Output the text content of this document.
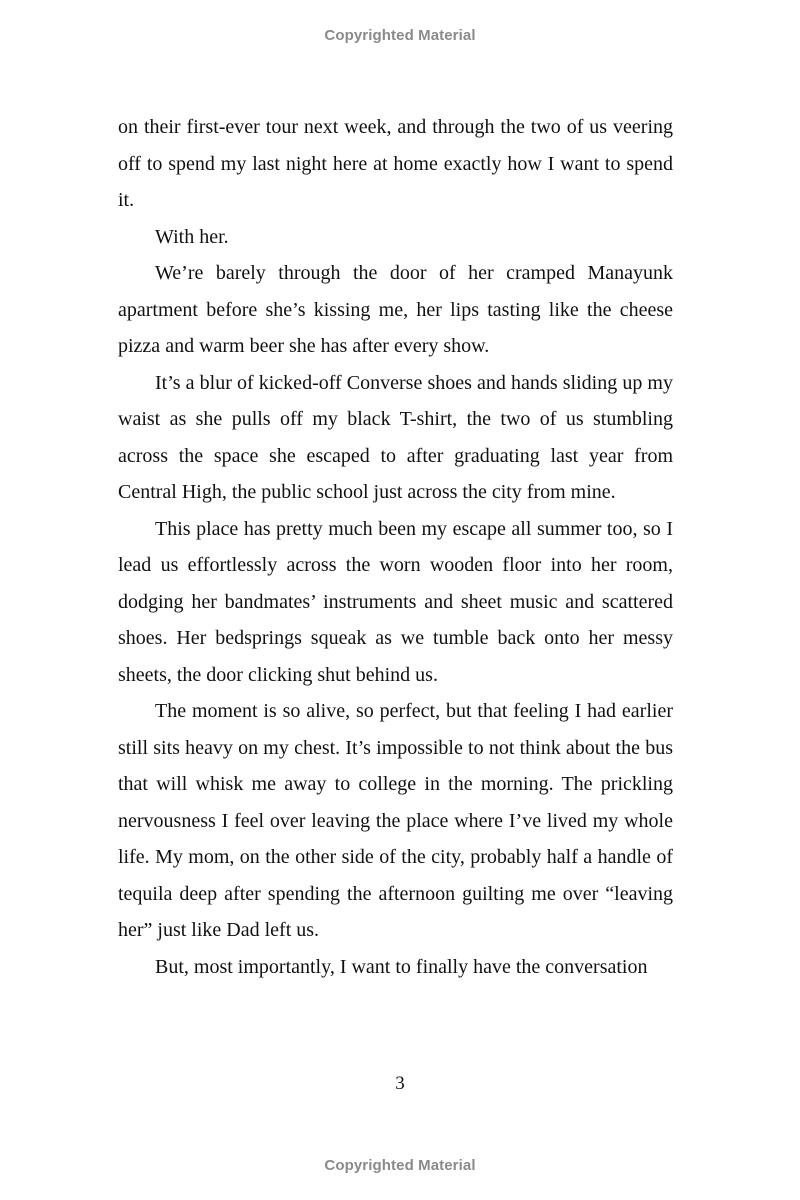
Copyrighted Material

on their first-ever tour next week, and through the two of us veering off to spend my last night here at home exactly how I want to spend it.

With her.

We’re barely through the door of her cramped Manayunk apartment before she’s kissing me, her lips tasting like the cheese pizza and warm beer she has after every show.

It’s a blur of kicked-off Converse shoes and hands sliding up my waist as she pulls off my black T-shirt, the two of us stumbling across the space she escaped to after graduating last year from Central High, the public school just across the city from mine.

This place has pretty much been my escape all summer too, so I lead us effortlessly across the worn wooden floor into her room, dodging her bandmates’ instruments and sheet music and scattered shoes. Her bedsprings squeak as we tumble back onto her messy sheets, the door clicking shut behind us.

The moment is so alive, so perfect, but that feeling I had earlier still sits heavy on my chest. It’s impossible to not think about the bus that will whisk me away to college in the morning. The prickling nervousness I feel over leaving the place where I’ve lived my whole life. My mom, on the other side of the city, probably half a handle of tequila deep after spending the afternoon guilting me over “leaving her” just like Dad left us.

But, most importantly, I want to finally have the conversation

3
Copyrighted Material
